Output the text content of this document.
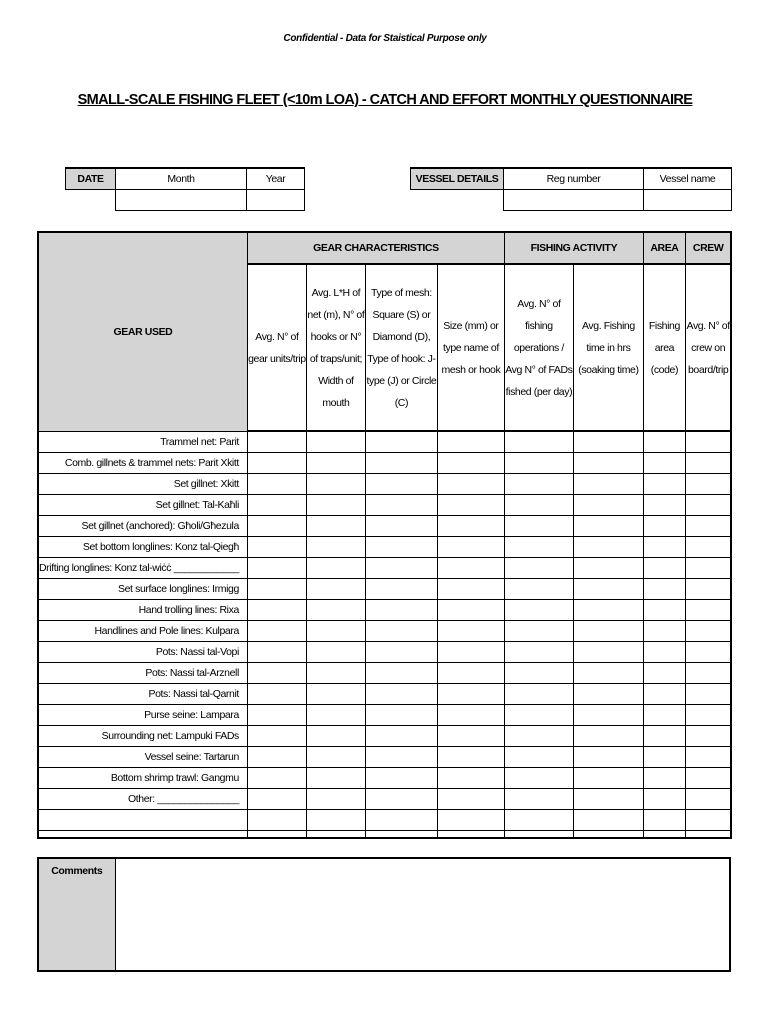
Confidential - Data for Staistical Purpose only
SMALL-SCALE FISHING FLEET (<10m LOA) - CATCH AND EFFORT MONTHLY QUESTIONNAIRE
DATE	Month	Year
			VESSEL DETAILS	Reg number	Vessel name

GEAR USED	GEAR CHARACTERISTICS				FISHING ACTIVITY		AREA	CREW
	Avg. N° of gear units/trip	Avg. L*H of net (m), N° of hooks or N° of traps/unit; Width of mouth	Type of mesh: Square (S) or Diamond (D), Type of hook: J-type (J) or Circle (C)	Size (mm) or type name of mesh or hook	Avg. N° of fishing operations / Avg N° of FADs fished (per day)	Avg. Fishing time in hrs (soaking time)	Fishing area (code)	Avg. N° of crew on board/trip
Trammel net: Parit								
Comb. gillnets & trammel nets: Parit Xkitt								
Set gillnet: Xkitt								
Set gillnet: Tal-Kaħli								
Set gillnet (anchored): Għoli/Għezula								
Set bottom longlines: Konz tal-Qiegħ								
Drifting longlines: Konz tal-wiċċ ____________								
Set surface longlines: Irmigg								
Hand trolling lines: Rixa								
Handlines and Pole lines: Kulpara								
Pots: Nassi tal-Vopi								
Pots: Nassi tal-Arznell								
Pots: Nassi tal-Qarnit								
Purse seine: Lampara								
Surrounding net: Lampuki FADs								
Vessel seine: Tartarun								
Bottom shrimp trawl: Gangmu								
Other: _______________								

Comments	
